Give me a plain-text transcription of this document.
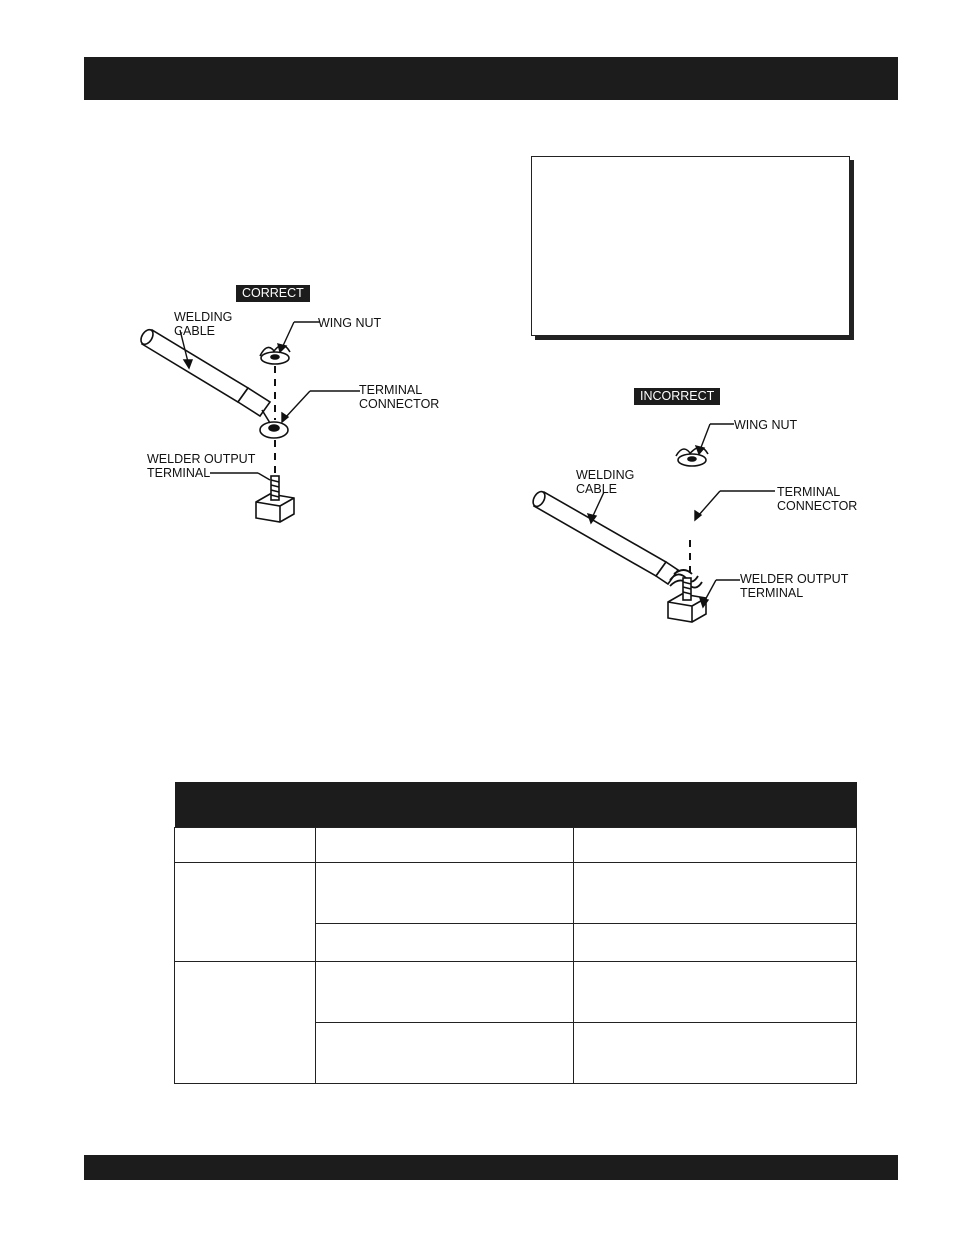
CORRECT
WELDING
CABLE
WING NUT
TERMINAL
CONNECTOR
WELDER OUTPUT
TERMINAL
INCORRECT
WING NUT
WELDING
CABLE	TERMINAL
CONNECTOR
WELDER OUTPUT
TERMINAL
